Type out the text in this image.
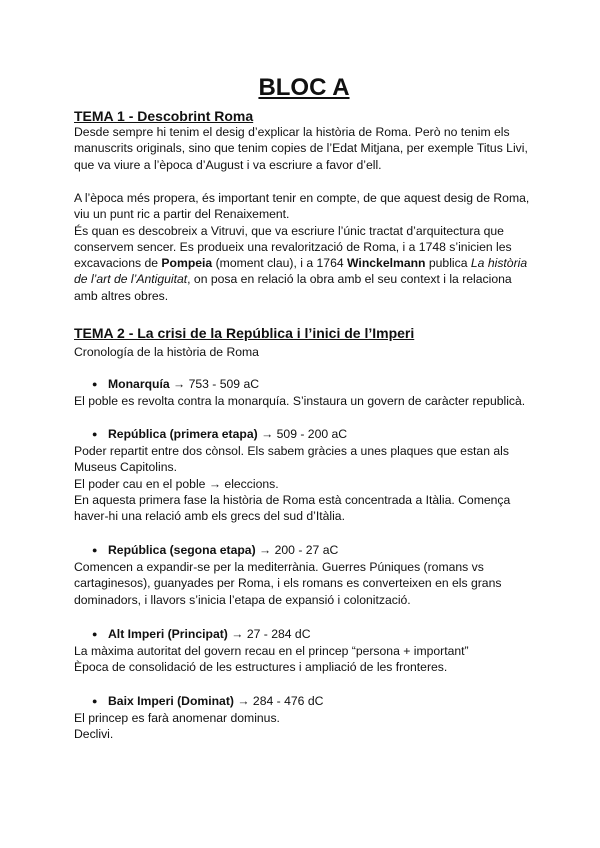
BLOC A
TEMA 1 - Descobrint Roma
Desde sempre hi tenim el desig d’explicar la història de Roma. Però no tenim els
manuscrits originals, sino que tenim copies de l’Edat Mitjana, per exemple Titus Livi,
que va viure a l’època d’August i va escriure a favor d’ell.
A l’època més propera, és important tenir en compte, de que aquest desig de Roma,
viu un punt ric a partir del Renaixement.
És quan es descobreix a Vitruvi, que va escriure l’únic tractat d’arquitectura que
conservem sencer. Es produeix una revalorització de Roma, i a 1748 s’inicien les
excavacions de Pompeia (moment clau), i a 1764 Winckelmann publica La història
de l’art de l’Antiguitat, on posa en relació la obra amb el seu context i la relaciona
amb altres obres.
TEMA 2 - La crisi de la República i l’inici de l’Imperi
Cronología de la història de Roma
● Monarquía → 753 - 509 aC
El poble es revolta contra la monarquía. S’instaura un govern de caràcter republicà.
● República (primera etapa) → 509 - 200 aC
Poder repartit entre dos cònsol. Els sabem gràcies a unes plaques que estan als
Museus Capitolins.
El poder cau en el poble → eleccions.
En aquesta primera fase la història de Roma està concentrada a Itàlia. Comença
haver-hi una relació amb els grecs del sud d’Itàlia.
● República (segona etapa) → 200 - 27 aC
Comencen a expandir-se per la mediterrània. Guerres Púniques (romans vs
cartaginesos), guanyades per Roma, i els romans es converteixen en els grans
dominadors, i llavors s’inicia l’etapa de expansió i colonització.
● Alt Imperi (Principat) → 27 - 284 dC
La màxima autoritat del govern recau en el princep “persona + important”
Època de consolidació de les estructures i ampliació de les fronteres.
● Baix Imperi (Dominat) → 284 - 476 dC
El princep es farà anomenar dominus.
Declivi.
